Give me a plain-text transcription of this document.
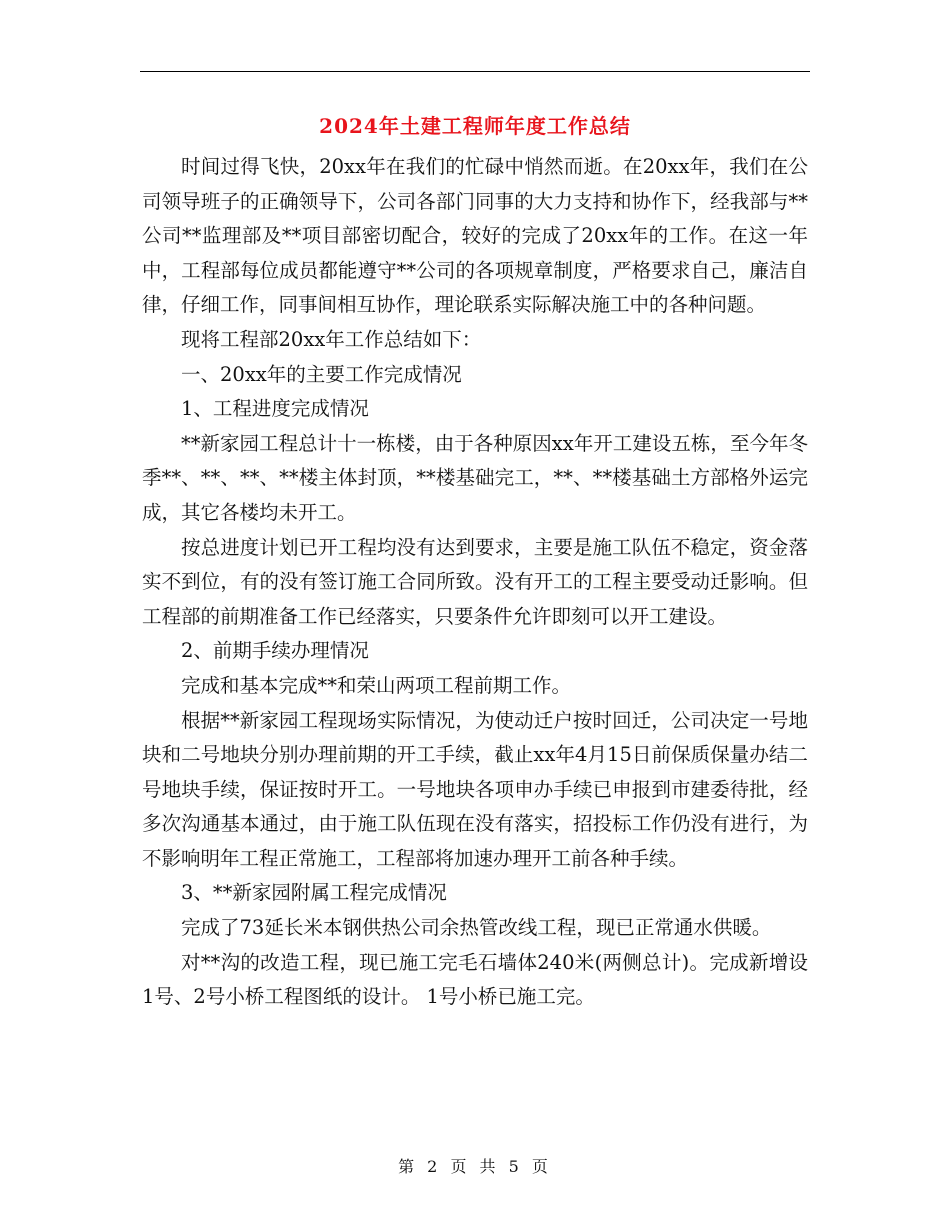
2024年土建工程师年度工作总结

时间过得飞快，20xx年在我们的忙碌中悄然而逝。在20xx年，我们在公司领导班子的正确领导下，公司各部门同事的大力支持和协作下，经我部与**公司**监理部及**项目部密切配合，较好的完成了20xx年的工作。在这一年中，工程部每位成员都能遵守**公司的各项规章制度，严格要求自己，廉洁自律，仔细工作，同事间相互协作，理论联系实际解决施工中的各种问题。

现将工程部20xx年工作总结如下：

一、20xx年的主要工作完成情况

1、工程进度完成情况

**新家园工程总计十一栋楼，由于各种原因xx年开工建设五栋，至今年冬季**、**、**、**楼主体封顶，**楼基础完工，**、**楼基础土方部格外运完成，其它各楼均未开工。

按总进度计划已开工程均没有达到要求，主要是施工队伍不稳定，资金落实不到位，有的没有签订施工合同所致。没有开工的工程主要受动迁影响。但工程部的前期准备工作已经落实，只要条件允许即刻可以开工建设。

2、前期手续办理情况

完成和基本完成**和荣山两项工程前期工作。

根据**新家园工程现场实际情况，为使动迁户按时回迁，公司决定一号地块和二号地块分别办理前期的开工手续，截止xx年4月15日前保质保量办结二号地块手续，保证按时开工。一号地块各项申办手续已申报到市建委待批，经多次沟通基本通过，由于施工队伍现在没有落实，招投标工作仍没有进行，为不影响明年工程正常施工，工程部将加速办理开工前各种手续。

3、**新家园附属工程完成情况

完成了73延长米本钢供热公司余热管改线工程，现已正常通水供暖。

对**沟的改造工程，现已施工完毛石墙体240米(两侧总计)。完成新增设1号、2号小桥工程图纸的设计。 1号小桥已施工完。

第 2 页 共 5 页
